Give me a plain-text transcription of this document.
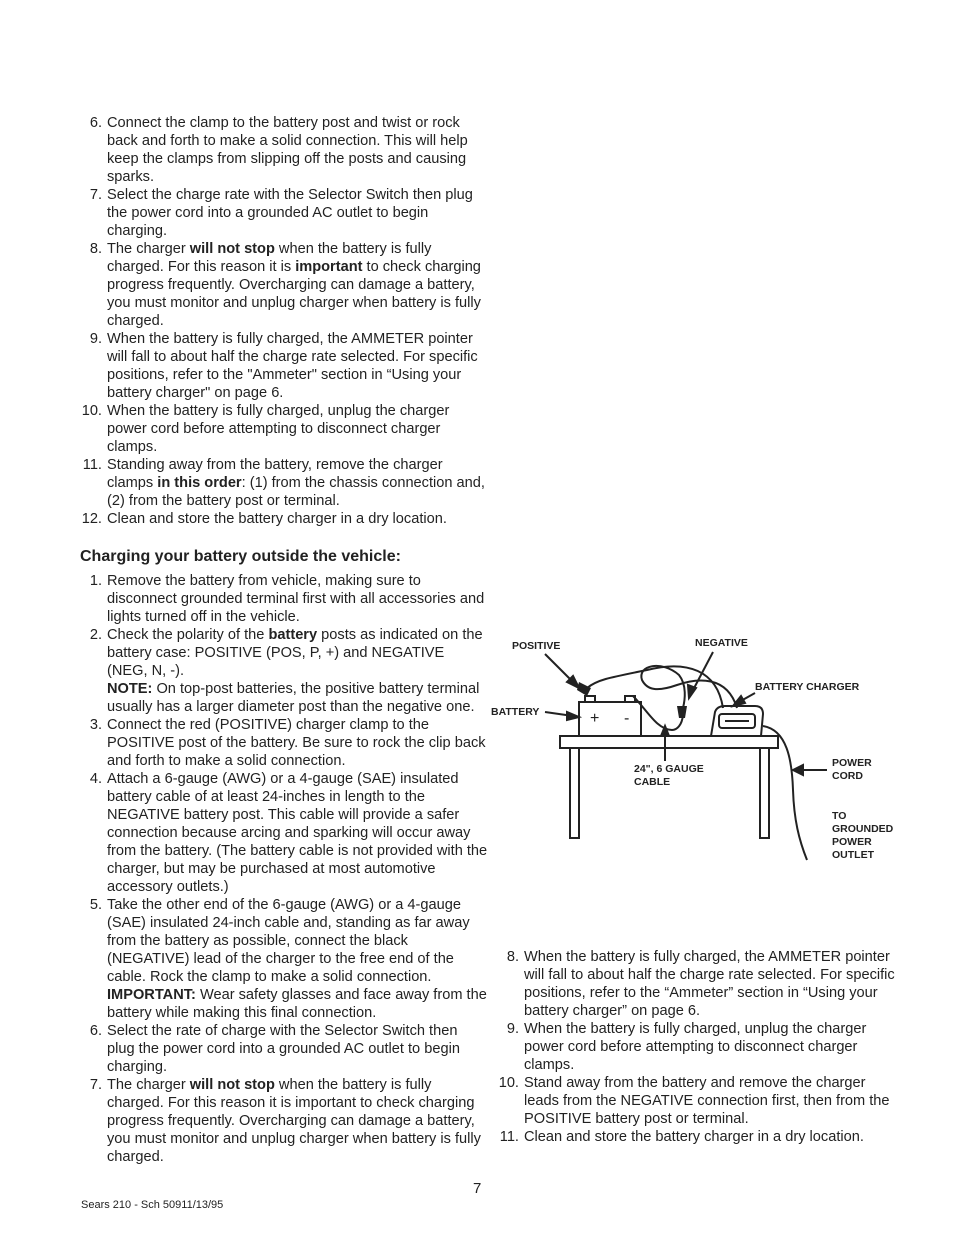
6. Connect the clamp to the battery post and twist or rock back and forth to make a solid connection. This will help keep the clamps from slipping off the posts and causing sparks.
7. Select the charge rate with the Selector Switch then plug the power cord into a grounded AC outlet to begin charging.
8. The charger will not stop when the battery is fully charged. For this reason it is important to check charging progress frequently. Overcharging can damage a battery, you must monitor and unplug charger when battery is fully charged.
9. When the battery is fully charged, the AMMETER pointer will fall to about half the charge rate selected. For specific positions, refer to the "Ammeter" section in “Using your battery charger" on page 6.
10. When the battery is fully charged, unplug the charger power cord before attempting to disconnect charger clamps.
11. Standing away from the battery, remove the charger clamps in this order: (1) from the chassis connection and, (2) from the battery post or terminal.
12. Clean and store the battery charger in a dry location.
Charging your battery outside the vehicle:
1. Remove the battery from vehicle, making sure to disconnect grounded terminal first with all accessories and lights turned off in the vehicle.
2. Check the polarity of the battery posts as indicated on the battery case: POSITIVE (POS, P, +) and NEGATIVE (NEG, N, -).
NOTE: On top-post batteries, the positive battery terminal usually has a larger diameter post than the negative one.
3. Connect the red (POSITIVE) charger clamp to the POSITIVE post of the battery. Be sure to rock the clip back and forth to make a solid connection.
4. Attach a 6-gauge (AWG) or a 4-gauge (SAE) insulated battery cable of at least 24-inches in length to the NEGATIVE battery post. This cable will provide a safer connection because arcing and sparking will occur away from the battery. (The battery cable is not provided with the charger, but may be purchased at most automotive accessory outlets.)
5. Take the other end of the 6-gauge (AWG) or a 4-gauge (SAE) insulated 24-inch cable and, standing as far away from the battery as possible, connect the black (NEGATIVE) lead of the charger to the free end of the cable. Rock the clamp to make a solid connection.
IMPORTANT: Wear safety glasses and face away from the battery while making this final connection.
6. Select the rate of charge with the Selector Switch then plug the power cord into a grounded AC outlet to begin charging.
7. The charger will not stop when the battery is fully charged. For this reason it is important to check charging progress frequently. Overcharging can damage a battery, you must monitor and unplug charger when battery is fully charged.
POSITIVE	NEGATIVE
BATTERY CHARGER
BATTERY
24", 6 GAUGE
CABLE
POWER
CORD
TO
GROUNDED
POWER
OUTLET
+ -
8. When the battery is fully charged, the AMMETER pointer will fall to about half the charge rate selected. For specific positions, refer to the “Ammeter” section in “Using your battery charger” on page 6.
9. When the battery is fully charged, unplug the charger power cord before attempting to disconnect charger clamps.
10. Stand away from the battery and remove the charger leads from the NEGATIVE connection first, then from the POSITIVE battery post or terminal.
11. Clean and store the battery charger in a dry location.
7
Sears 210 - Sch 50911/13/95
